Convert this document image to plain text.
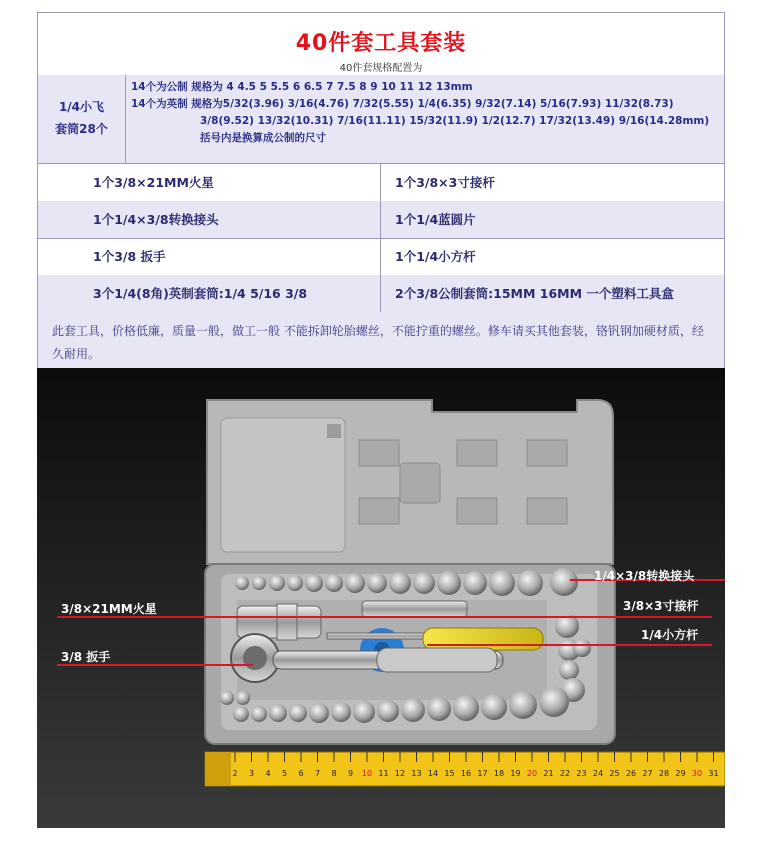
40件套工具套装
40件套规格配置为
1/4小飞
套筒28个
14个为公制 规格为 4 4.5 5 5.5 6 6.5 7 7.5 8 9 10 11 12 13mm
14个为英制 规格为5/32(3.96) 3/16(4.76) 7/32(5.55) 1/4(6.35) 9/32(7.14) 5/16(7.93) 11/32(8.73)
3/8(9.52) 13/32(10.31) 7/16(11.11) 15/32(11.9) 1/2(12.7) 17/32(13.49) 9/16(14.28mm)
括号内是换算成公制的尺寸
1个3/8×21MM火星	1个3/8×3寸接杆
1个1/4×3/8转换接头	1个1/4蓝圆片
1个3/8 扳手	1个1/4小方杆
3个1/4(8角)英制套筒:1/4 5/16 3/8	2个3/8公制套筒:15MM 16MM 一个塑料工具盒

此套工具，价格低廉，质量一般，做工一般 不能拆卸轮胎螺丝，不能拧重的螺丝。修车请买其他套装，铬钒钢加硬材质，经久耐用。

2 3 4 5 6 7 8 9 10 11 12 13 14 15 16 17 18 19 20 21 22 23 24 25 26 27 28 29 30 31
1/4×3/8转换接头
3/8×21MM火星	3/8×3寸接杆
1/4小方杆
3/8 扳手
